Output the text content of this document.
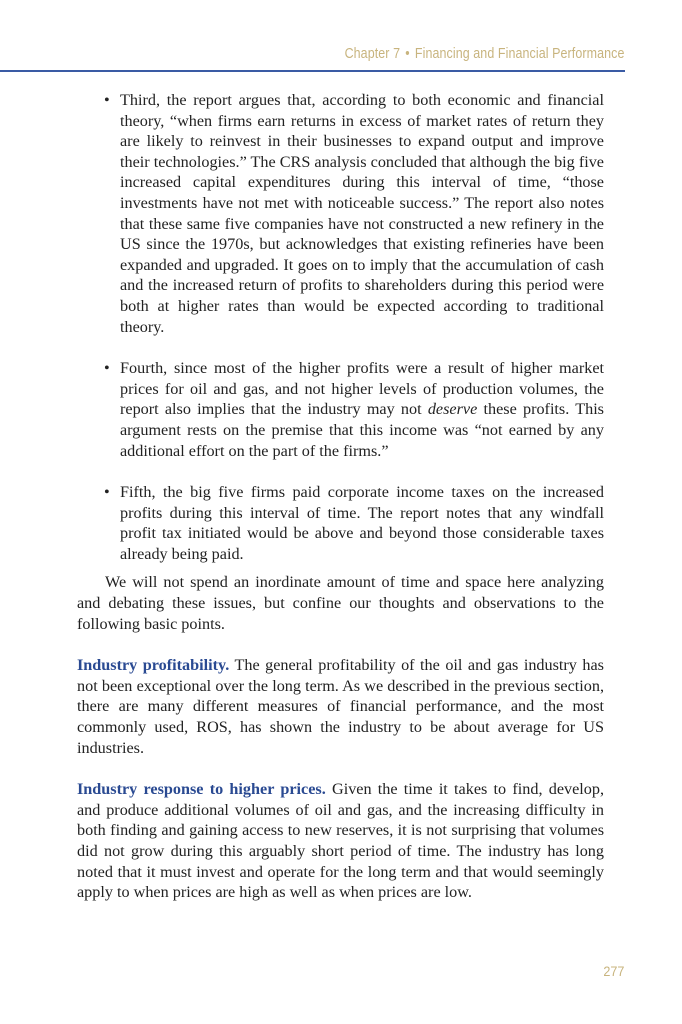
Chapter 7 • Financing and Financial Performance

• Third, the report argues that, according to both economic and financial theory, “when firms earn returns in excess of market rates of return they are likely to reinvest in their businesses to expand output and improve their technologies.” The CRS analysis concluded that although the big five increased capital expenditures during this interval of time, “those investments have not met with noticeable success.” The report also notes that these same five companies have not constructed a new refinery in the US since the 1970s, but acknowledges that existing refineries have been expanded and upgraded. It goes on to imply that the accumulation of cash and the increased return of profits to shareholders during this period were both at higher rates than would be expected according to traditional theory.

• Fourth, since most of the higher profits were a result of higher market prices for oil and gas, and not higher levels of production volumes, the report also implies that the industry may not deserve these profits. This argument rests on the premise that this income was “not earned by any additional effort on the part of the firms.”

• Fifth, the big five firms paid corporate income taxes on the increased profits during this interval of time. The report notes that any windfall profit tax initiated would be above and beyond those considerable taxes already being paid.

We will not spend an inordinate amount of time and space here analyzing and debating these issues, but confine our thoughts and observations to the following basic points.

Industry profitability. The general profitability of the oil and gas industry has not been exceptional over the long term. As we described in the previous section, there are many different measures of financial performance, and the most commonly used, ROS, has shown the industry to be about average for US industries.

Industry response to higher prices. Given the time it takes to find, develop, and produce additional volumes of oil and gas, and the increasing difficulty in both finding and gaining access to new reserves, it is not surprising that volumes did not grow during this arguably short period of time. The industry has long noted that it must invest and operate for the long term and that would seemingly apply to when prices are high as well as when prices are low.

277
